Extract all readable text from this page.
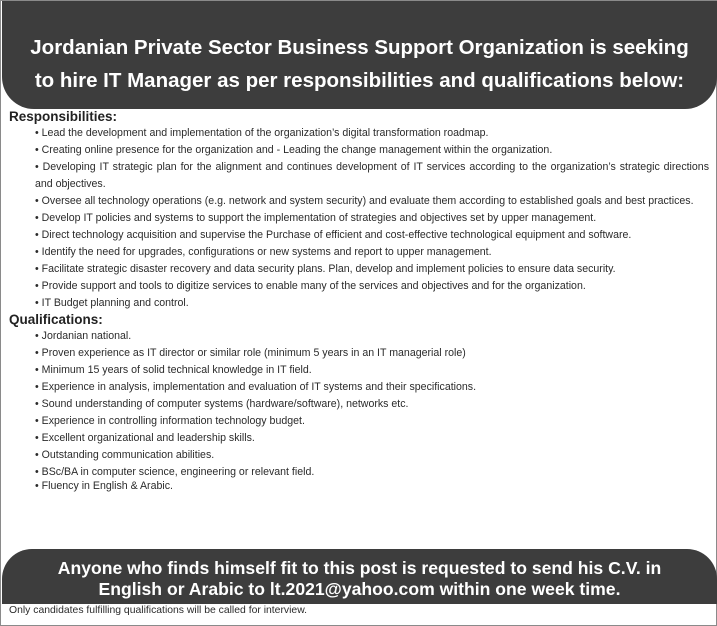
Jordanian Private Sector Business Support Organization is seeking
to hire IT Manager as per responsibilities and qualifications below:

Responsibilities:

• Lead the development and implementation of the organization’s digital transformation roadmap.
• Creating online presence for the organization and - Leading the change management within the organization.
• Developing IT strategic plan for the alignment and continues development of IT services according to the organization’s strategic directions and objectives.
• Oversee all technology operations (e.g. network and system security) and evaluate them according to established goals and best practices.
• Develop IT policies and systems to support the implementation of strategies and objectives set by upper management.
• Direct technology acquisition and supervise the Purchase of efficient and cost-effective technological equipment and software.
• Identify the need for upgrades, configurations or new systems and report to upper management.
• Facilitate strategic disaster recovery and data security plans. Plan, develop and implement policies to ensure data security.
• Provide support and tools to digitize services to enable many of the services and objectives and for the organization.
• IT Budget planning and control.

Qualifications:

• Jordanian national.
• Proven experience as IT director or similar role (minimum 5 years in an IT managerial role)
• Minimum 15 years of solid technical knowledge in IT field.
• Experience in analysis, implementation and evaluation of IT systems and their specifications.
• Sound understanding of computer systems (hardware/software), networks etc.
• Experience in controlling information technology budget.
• Excellent organizational and leadership skills.
• Outstanding communication abilities.
• BSc/BA in computer science, engineering or relevant field.
• Fluency in English & Arabic.
Anyone who finds himself fit to this post is requested to send his C.V. in
English or Arabic to lt.2021@yahoo.com within one week time.
Only candidates fulfilling qualifications will be called for interview.
